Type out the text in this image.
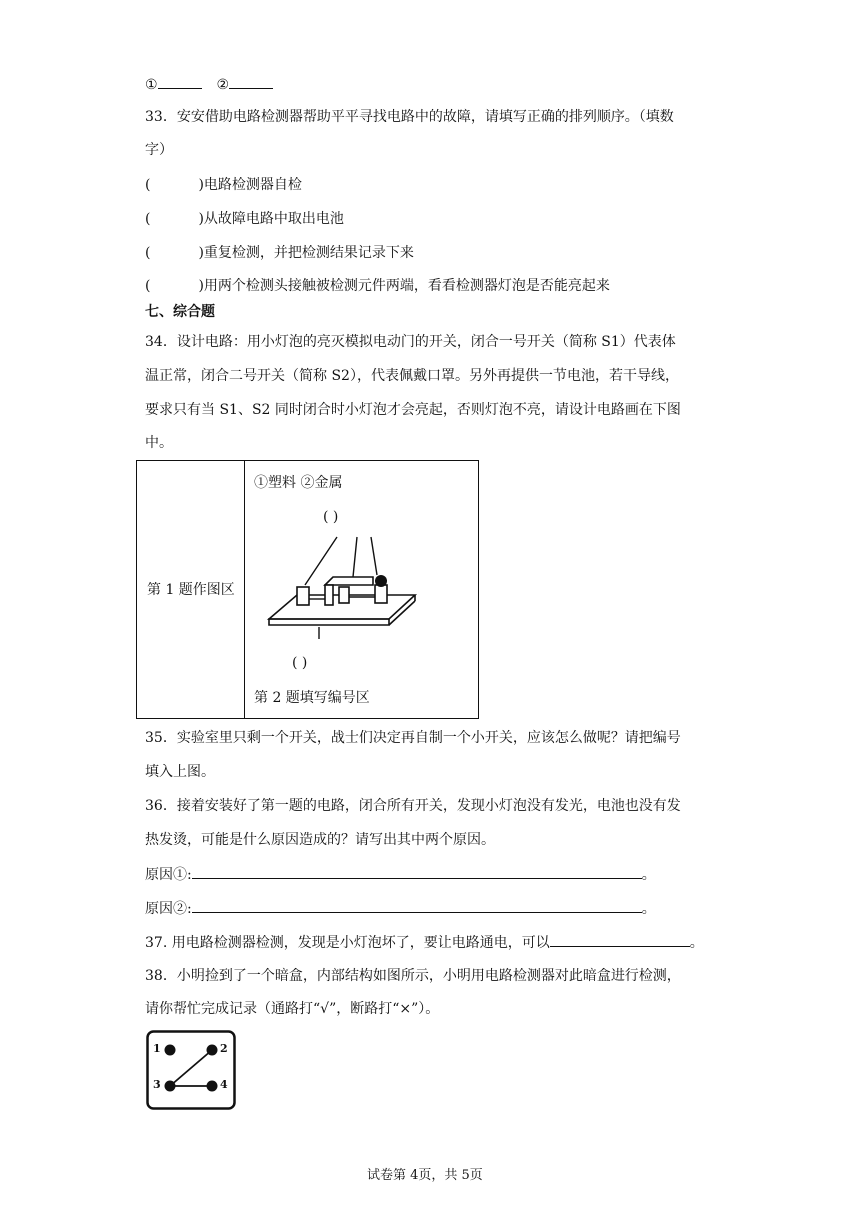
①	②
33．安安借助电路检测器帮助平平寻找电路中的故障，请填写正确的排列顺序。（填数
字）
(	)电路检测器自检
(	)从故障电路中取出电池
(	)重复检测，并把检测结果记录下来
(	)用两个检测头接触被检测元件两端，看看检测器灯泡是否能亮起来
七、综合题
34．设计电路：用小灯泡的亮灭模拟电动门的开关，闭合一号开关（简称 S1）代表体
温正常，闭合二号开关（简称 S2），代表佩戴口罩。另外再提供一节电池，若干导线，
要求只有当 S1、S2 同时闭合时小灯泡才会亮起，否则灯泡不亮，请设计电路画在下图
中。
第 1 题作图区
①塑料 ②金属
( )
( )
第 2 题填写编号区
35．实验室里只剩一个开关，战士们决定再自制一个小开关，应该怎么做呢？请把编号
填入上图。
36．接着安装好了第一题的电路，闭合所有开关，发现小灯泡没有发光，电池也没有发
热发烫，可能是什么原因造成的？请写出其中两个原因。
原因①:	。
原因②:	。
37. 用电路检测器检测，发现是小灯泡坏了，要让电路通电，可以	。
38．小明捡到了一个暗盒，内部结构如图所示，小明用电路检测器对此暗盒进行检测，
请你帮忙完成记录（通路打“√”，断路打“×”）。
1	2
3	4
试卷第 4页，共 5页
